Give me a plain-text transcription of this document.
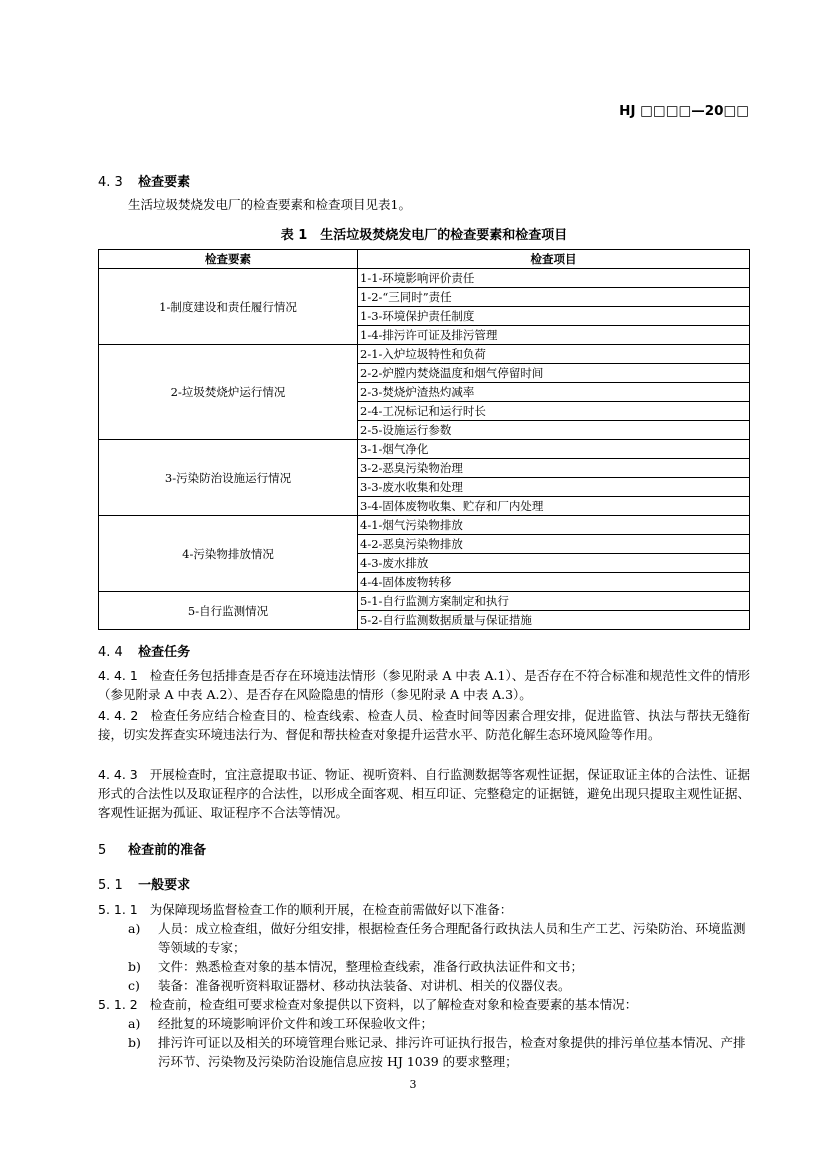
HJ □□□□—20□□
4. 3 检查要素
生活垃圾焚烧发电厂的检查要素和检查项目见表1。
表 1　生活垃圾焚烧发电厂的检查要素和检查项目
检查要素	检查项目
1-制度建设和责任履行情况	1-1-环境影响评价责任
	1-2-“三同时”责任
	1-3-环境保护责任制度
	1-4-排污许可证及排污管理
2-垃圾焚烧炉运行情况	2-1-入炉垃圾特性和负荷
	2-2-炉膛内焚烧温度和烟气停留时间
	2-3-焚烧炉渣热灼减率
	2-4-工况标记和运行时长
	2-5-设施运行参数
3-污染防治设施运行情况	3-1-烟气净化
	3-2-恶臭污染物治理
	3-3-废水收集和处理
	3-4-固体废物收集、贮存和厂内处理
4-污染物排放情况	4-1-烟气污染物排放
	4-2-恶臭污染物排放
	4-3-废水排放
	4-4-固体废物转移
5-自行监测情况	5-1-自行监测方案制定和执行
	5-2-自行监测数据质量与保证措施
4. 4 检查任务
4. 4. 1 检查任务包括排查是否存在环境违法情形（参见附录 A 中表 A.1）、是否存在不符合标准和规范性文件的情形（参见附录 A 中表 A.2）、是否存在风险隐患的情形（参见附录 A 中表 A.3）。
4. 4. 2 检查任务应结合检查目的、检查线索、检查人员、检查时间等因素合理安排，促进监管、执法与帮扶无缝衔接，切实发挥查实环境违法行为、督促和帮扶检查对象提升运营水平、防范化解生态环境风险等作用。
4. 4. 3 开展检查时，宜注意提取书证、物证、视听资料、自行监测数据等客观性证据，保证取证主体的合法性、证据形式的合法性以及取证程序的合法性，以形成全面客观、相互印证、完整稳定的证据链，避免出现只提取主观性证据、客观性证据为孤证、取证程序不合法等情况。
5 检查前的准备
5. 1 一般要求
5. 1. 1 为保障现场监督检查工作的顺利开展，在检查前需做好以下准备：
a) 人员：成立检查组，做好分组安排，根据检查任务合理配备行政执法人员和生产工艺、污染防治、环境监测等领域的专家；
b) 文件：熟悉检查对象的基本情况，整理检查线索，准备行政执法证件和文书；
c) 装备：准备视听资料取证器材、移动执法装备、对讲机、相关的仪器仪表。
5. 1. 2 检查前，检查组可要求检查对象提供以下资料，以了解检查对象和检查要素的基本情况：
a) 经批复的环境影响评价文件和竣工环保验收文件；
b) 排污许可证以及相关的环境管理台账记录、排污许可证执行报告，检查对象提供的排污单位基本情况、产排污环节、污染物及污染防治设施信息应按 HJ 1039 的要求整理；
3
